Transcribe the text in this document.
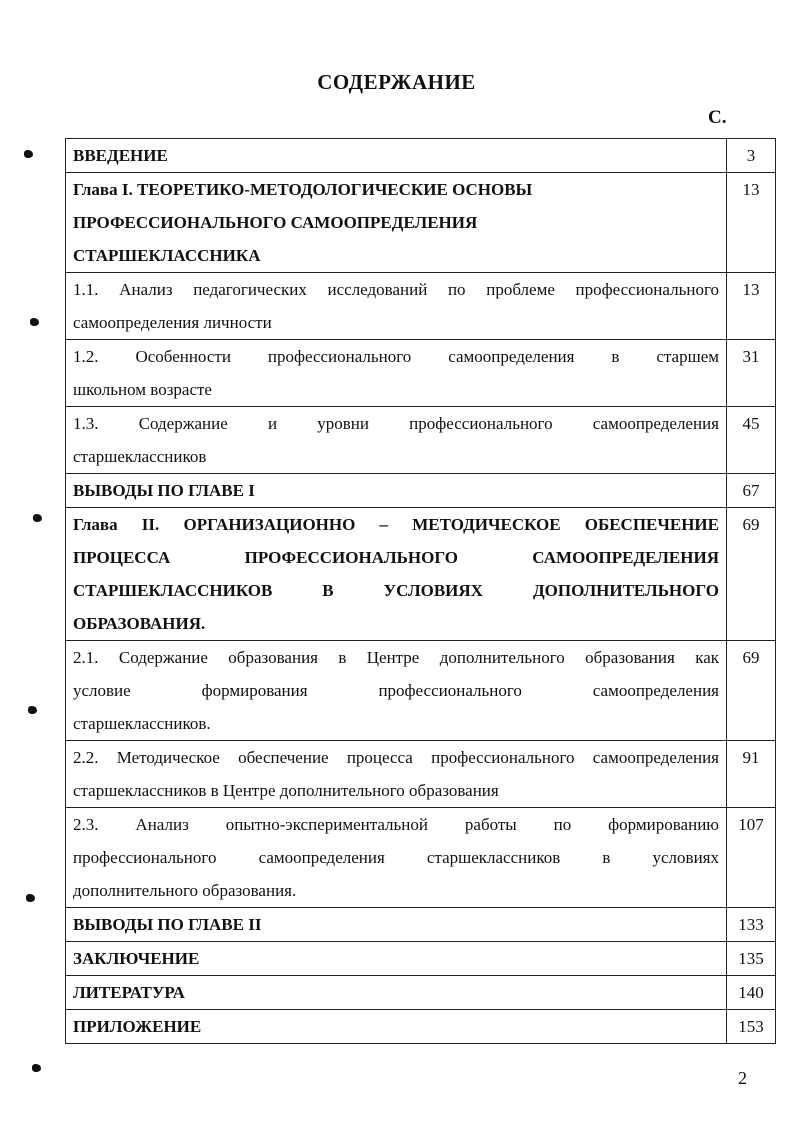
СОДЕРЖАНИЕ
С.
ВВЕДЕНИЕ	3

Глава I. ТЕОРЕТИКО-МЕТОДОЛОГИЧЕСКИЕ ОСНОВЫ
ПРОФЕССИОНАЛЬНОГО САМООПРЕДЕЛЕНИЯ
СТАРШЕКЛАССНИКА	13

1.1. Анализ педагогических исследований по проблеме профессионального
самоопределения личности	13

1.2. Особенности профессионального самоопределения в старшем
школьном возрасте	31

1.3. Содержание и уровни профессионального самоопределения
старшеклассников	45

ВЫВОДЫ ПО ГЛАВЕ I	67

Глава II. ОРГАНИЗАЦИОННО – МЕТОДИЧЕСКОЕ ОБЕСПЕЧЕНИЕ
ПРОЦЕССА ПРОФЕССИОНАЛЬНОГО САМООПРЕДЕЛЕНИЯ
СТАРШЕКЛАССНИКОВ В УСЛОВИЯХ ДОПОЛНИТЕЛЬНОГО
ОБРАЗОВАНИЯ.	69

2.1. Содержание образования в Центре дополнительного образования как
условие формирования профессионального самоопределения
старшеклассников.	69

2.2. Методическое обеспечение процесса профессионального самоопределения
старшеклассников в Центре дополнительного образования	91

2.3. Анализ опытно-экспериментальной работы по формированию
профессионального самоопределения старшеклассников в условиях
дополнительного образования.	107

ВЫВОДЫ ПО ГЛАВЕ II	133

ЗАКЛЮЧЕНИЕ	135

ЛИТЕРАТУРА	140

ПРИЛОЖЕНИЕ	153
2
